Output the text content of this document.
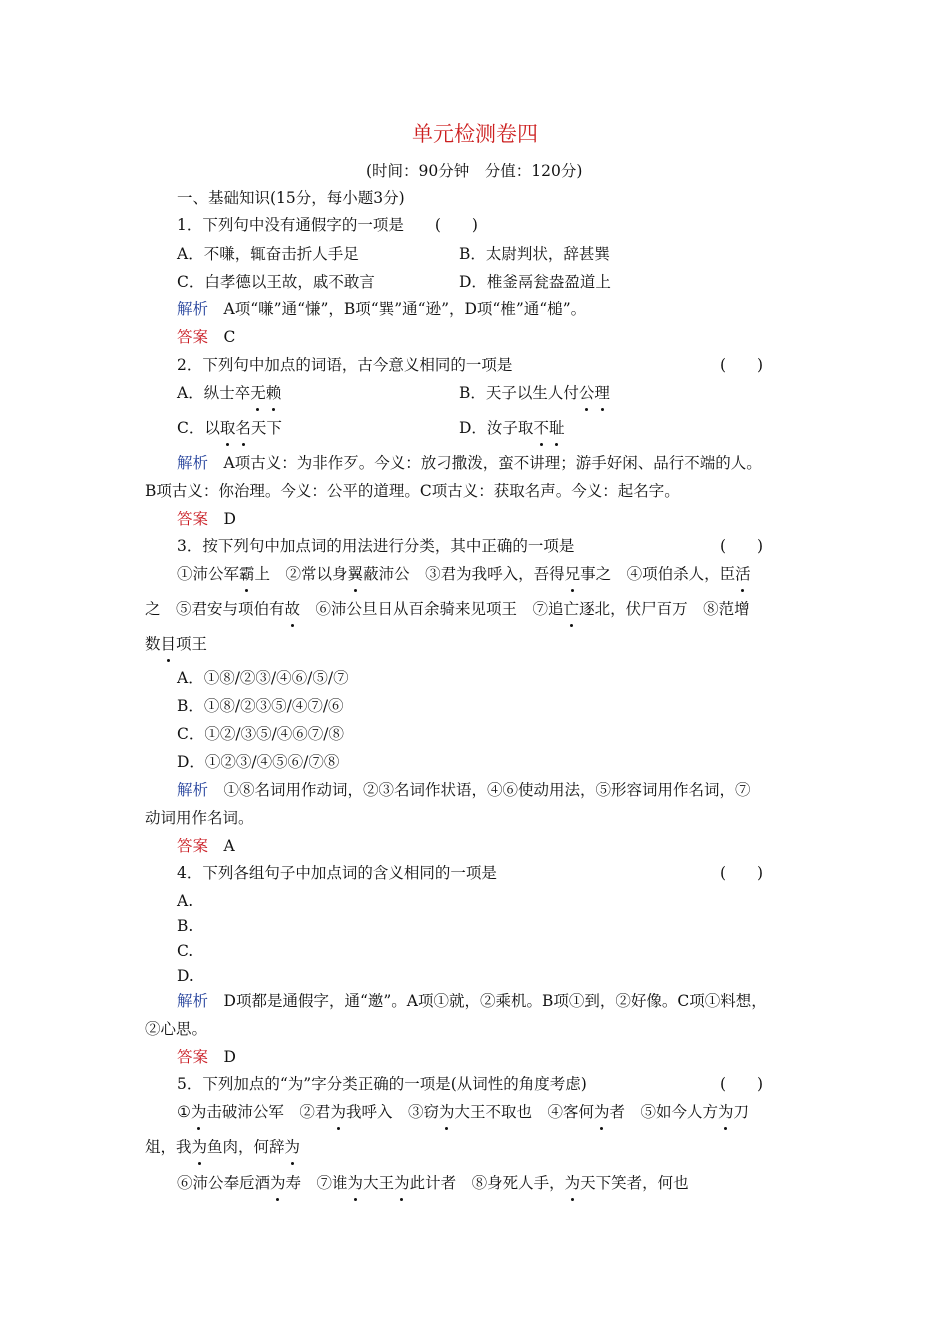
单元检测卷四
(时间：90分钟　分值：120分)
一、基础知识(15分，每小题3分)
1．下列句中没有通假字的一项是　　(　　)
A．不嗛，辄奋击折人手足	B．太尉判状，辞甚巽
C．白孝德以王故，戚不敢言	D．椎釜鬲瓮盎盈道上
解析　 A项“嗛”通“慊”，B项“巽”通“逊”，D项“椎”通“槌”。
答案　 C
2．下列句中加点的词语，古今意义相同的一项是	(　　)
A．纵士卒无赖	B．天子以生人付公理
C．以取名天下	D．汝子取不耻
解析　 A项古义：为非作歹。今义：放刁撒泼，蛮不讲理；游手好闲、品行不端的人。
B项古义：你治理。今义：公平的道理。C项古义：获取名声。今义：起名字。
答案　 D
3．按下列句中加点词的用法进行分类，其中正确的一项是	(　　)
①沛公军霸上　②常以身翼蔽沛公　③君为我呼入，吾得兄事之　④项伯杀人，臣活
之　⑤君安与项伯有故　⑥沛公旦日从百余骑来见项王　⑦追亡逐北，伏尸百万　⑧范增
数目项王
A．①⑧/②③/④⑥/⑤/⑦
B．①⑧/②③⑤/④⑦/⑥
C．①②/③⑤/④⑥⑦/⑧
D．①②③/④⑤⑥/⑦⑧
解析　 ①⑧名词用作动词，②③名词作状语，④⑥使动用法，⑤形容词用作名词，⑦
动词用作名词。
答案　 A
4．下列各组句子中加点词的含义相同的一项是	(　　)
A.
B.
C.
D.
解析　 D项都是通假字，通“邀”。A项①就，②乘机。B项①到，②好像。C项①料想，
②心思。
答案　 D
5．下列加点的“为”字分类正确的一项是(从词性的角度考虑)	(　　)
①为击破沛公军　②君为我呼入　③窃为大王不取也　④客何为者　⑤如今人方为刀
俎，我为鱼肉，何辞为
⑥沛公奉卮酒为寿　⑦谁为大王为此计者　⑧身死人手，为天下笑者，何也
